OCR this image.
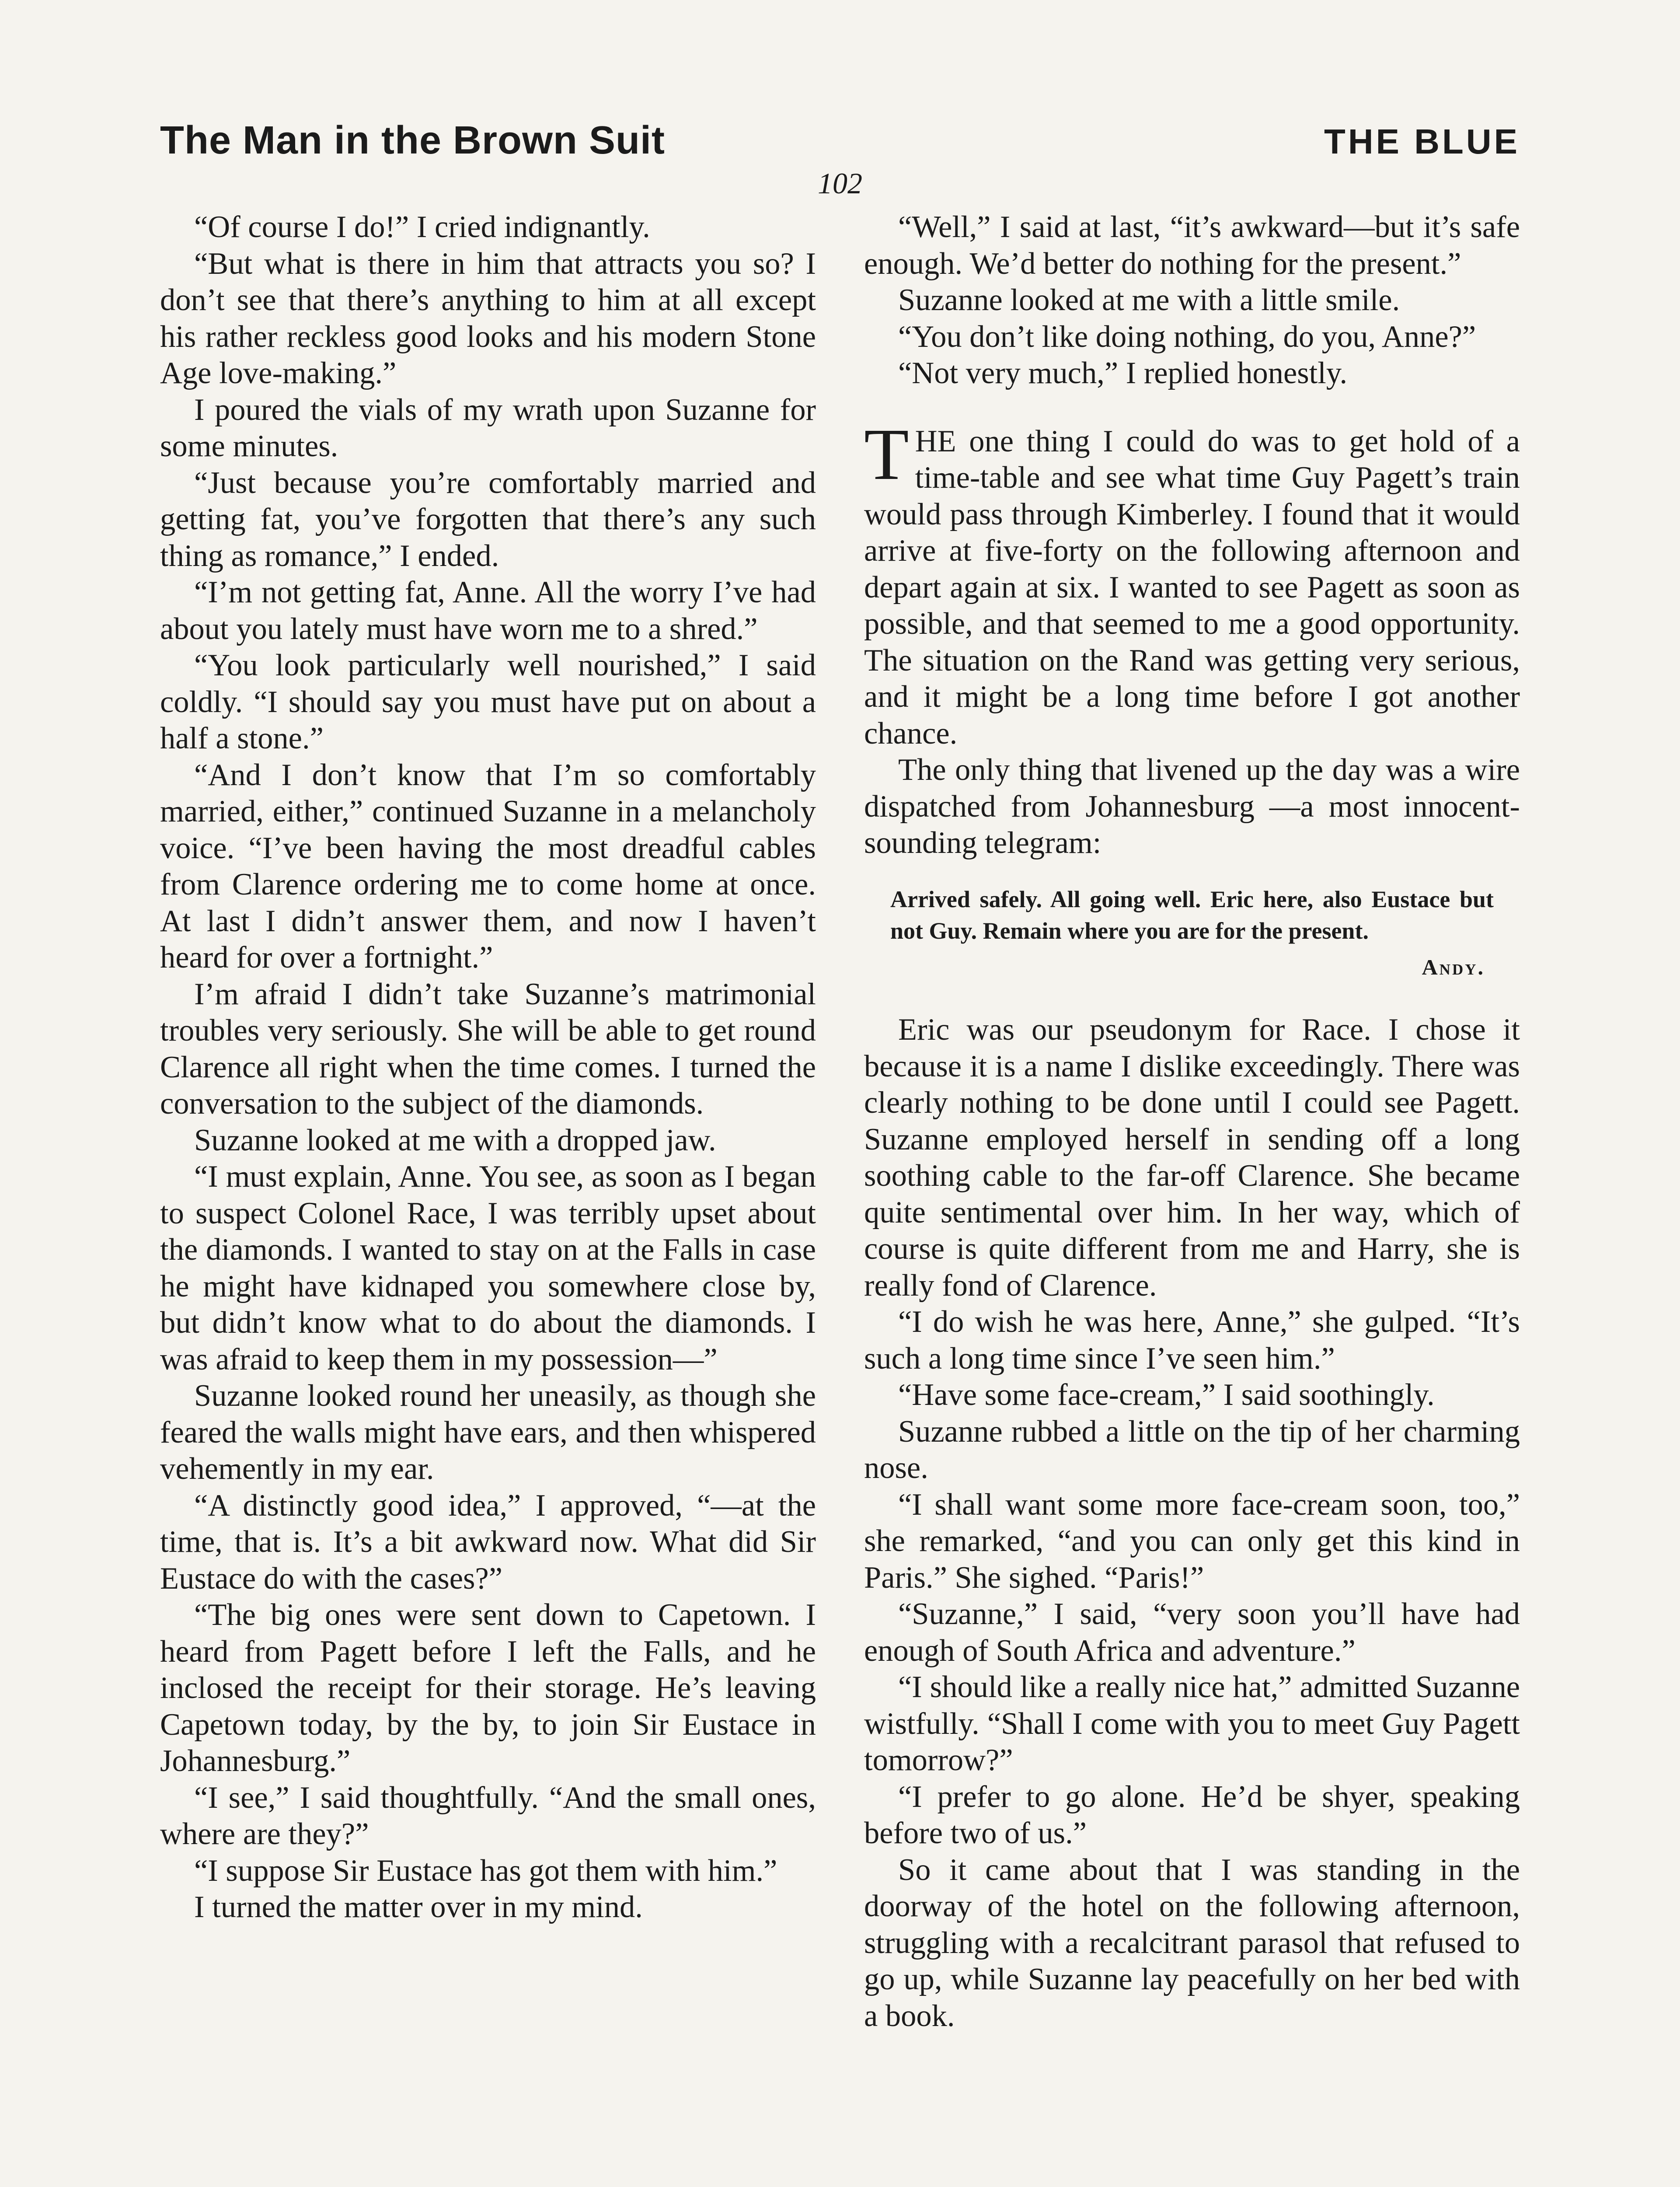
The Man in the Brown Suit	THE BLUE
102

“Of course I do!” I cried indignantly.

“But what is there in him that attracts you so? I don’t see that there’s anything to him at all except his rather reckless good looks and his modern Stone Age love-making.”

I poured the vials of my wrath upon Suzanne for some minutes.

“Just because you’re comfortably married and getting fat, you’ve forgotten that there’s any such thing as romance,” I ended.

“I’m not getting fat, Anne. All the worry I’ve had about you lately must have worn me to a shred.”

“You look particularly well nourished,” I said coldly. “I should say you must have put on about a half a stone.”

“And I don’t know that I’m so comfortably married, either,” continued Suzanne in a melancholy voice. “I’ve been having the most dreadful cables from Clarence ordering me to come home at once. At last I didn’t answer them, and now I haven’t heard for over a fortnight.”

I’m afraid I didn’t take Suzanne’s matrimonial troubles very seriously. She will be able to get round Clarence all right when the time comes. I turned the conversation to the subject of the diamonds.

Suzanne looked at me with a dropped jaw.

“I must explain, Anne. You see, as soon as I began to suspect Colonel Race, I was terribly upset about the diamonds. I wanted to stay on at the Falls in case he might have kidnaped you somewhere close by, but didn’t know what to do about the diamonds. I was afraid to keep them in my possession—”

Suzanne looked round her uneasily, as though she feared the walls might have ears, and then whispered vehemently in my ear.

“A distinctly good idea,” I approved, “—at the time, that is. It’s a bit awkward now. What did Sir Eustace do with the cases?”

“The big ones were sent down to Capetown. I heard from Pagett before I left the Falls, and he inclosed the receipt for their storage. He’s leaving Capetown today, by the by, to join Sir Eustace in Johannesburg.”

“I see,” I said thoughtfully. “And the small ones, where are they?”

“I suppose Sir Eustace has got them with him.”

I turned the matter over in my mind.

“Well,” I said at last, “it’s awkward—but it’s safe enough. We’d better do nothing for the present.”

Suzanne looked at me with a little smile.

“You don’t like doing nothing, do you, Anne?”

“Not very much,” I replied honestly.

THE one thing I could do was to get hold of a time-table and see what time Guy Pagett’s train would pass through Kimberley. I found that it would arrive at five-forty on the following afternoon and depart again at six. I wanted to see Pagett as soon as possible, and that seemed to me a good opportunity. The situation on the Rand was getting very serious, and it might be a long time before I got another chance.

The only thing that livened up the day was a wire dispatched from Johannesburg —a most innocent-sounding telegram:

Arrived safely. All going well. Eric here, also Eustace but not Guy. Remain where you are for the present.
Andy.

Eric was our pseudonym for Race. I chose it because it is a name I dislike exceedingly. There was clearly nothing to be done until I could see Pagett. Suzanne employed herself in sending off a long soothing cable to the far-off Clarence. She became quite sentimental over him. In her way, which of course is quite different from me and Harry, she is really fond of Clarence.

“I do wish he was here, Anne,” she gulped. “It’s such a long time since I’ve seen him.”

“Have some face-cream,” I said soothingly.

Suzanne rubbed a little on the tip of her charming nose.

“I shall want some more face-cream soon, too,” she remarked, “and you can only get this kind in Paris.” She sighed. “Paris!”

“Suzanne,” I said, “very soon you’ll have had enough of South Africa and adventure.”

“I should like a really nice hat,” admitted Suzanne wistfully. “Shall I come with you to meet Guy Pagett tomorrow?”

“I prefer to go alone. He’d be shyer, speaking before two of us.”

So it came about that I was standing in the doorway of the hotel on the following afternoon, struggling with a recalcitrant parasol that refused to go up, while Suzanne lay peacefully on her bed with a book.
